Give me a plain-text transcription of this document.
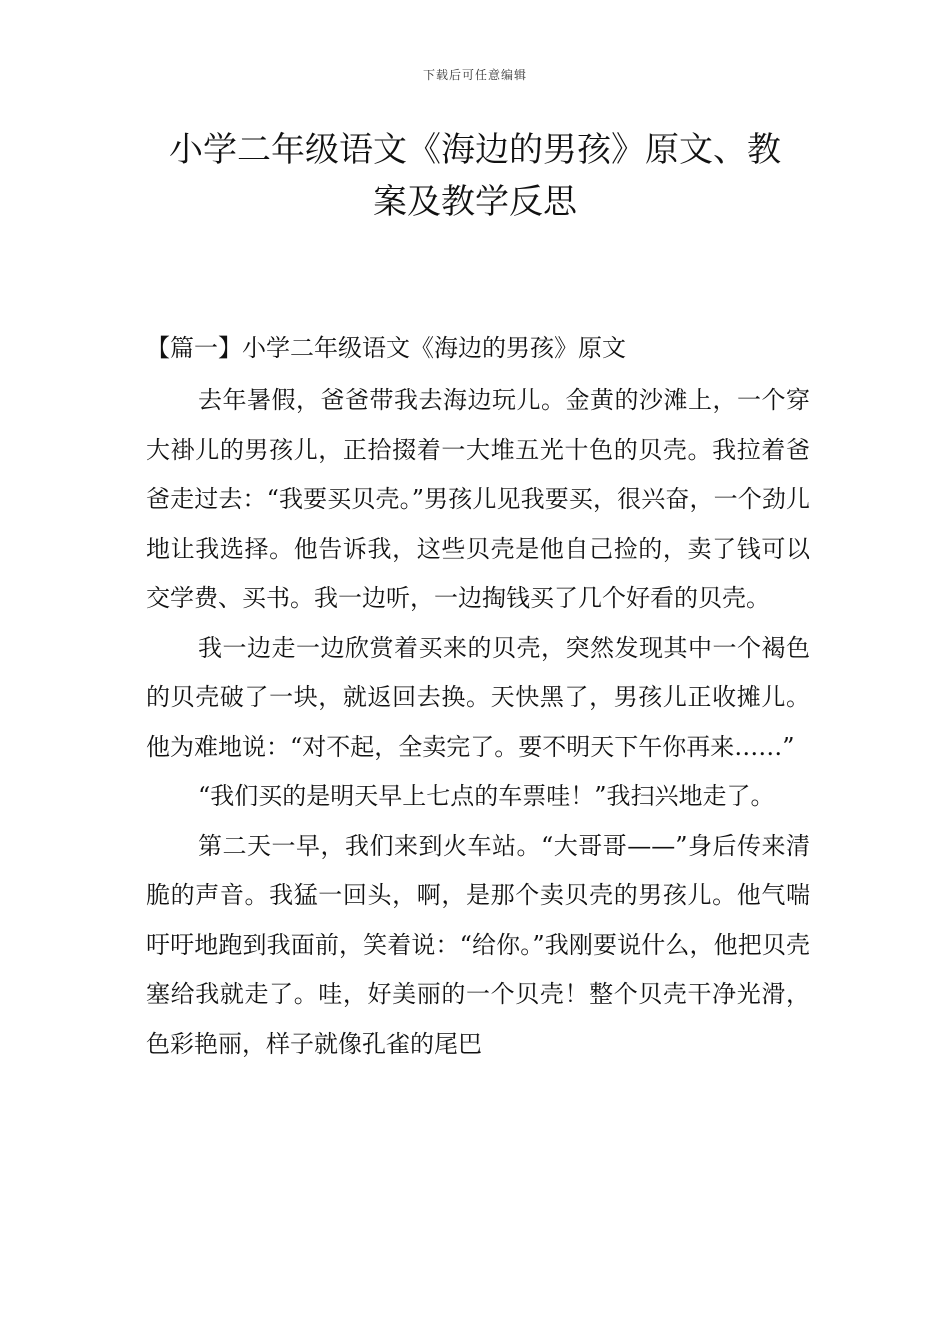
下载后可任意编辑
小学二年级语文《海边的男孩》原文、教
案及教学反思
【篇一】小学二年级语文《海边的男孩》原文

去年暑假，爸爸带我去海边玩儿。金黄的沙滩上，一个穿大褂儿的男孩儿，正拾掇着一大堆五光十色的贝壳。我拉着爸爸走过去：“我要买贝壳。”男孩儿见我要买，很兴奋，一个劲儿地让我选择。他告诉我，这些贝壳是他自己捡的，卖了钱可以交学费、买书。我一边听，一边掏钱买了几个好看的贝壳。

我一边走一边欣赏着买来的贝壳，突然发现其中一个褐色的贝壳破了一块，就返回去换。天快黑了，男孩儿正收摊儿。他为难地说：“对不起，全卖完了。要不明天下午你再来……”

“我们买的是明天早上七点的车票哇！”我扫兴地走了。

第二天一早，我们来到火车站。“大哥哥——”身后传来清脆的声音。我猛一回头，啊，是那个卖贝壳的男孩儿。他气喘吁吁地跑到我面前，笑着说：“给你。”我刚要说什么，他把贝壳塞给我就走了。哇，好美丽的一个贝壳！整个贝壳干净光滑，色彩艳丽，样子就像孔雀的尾巴
